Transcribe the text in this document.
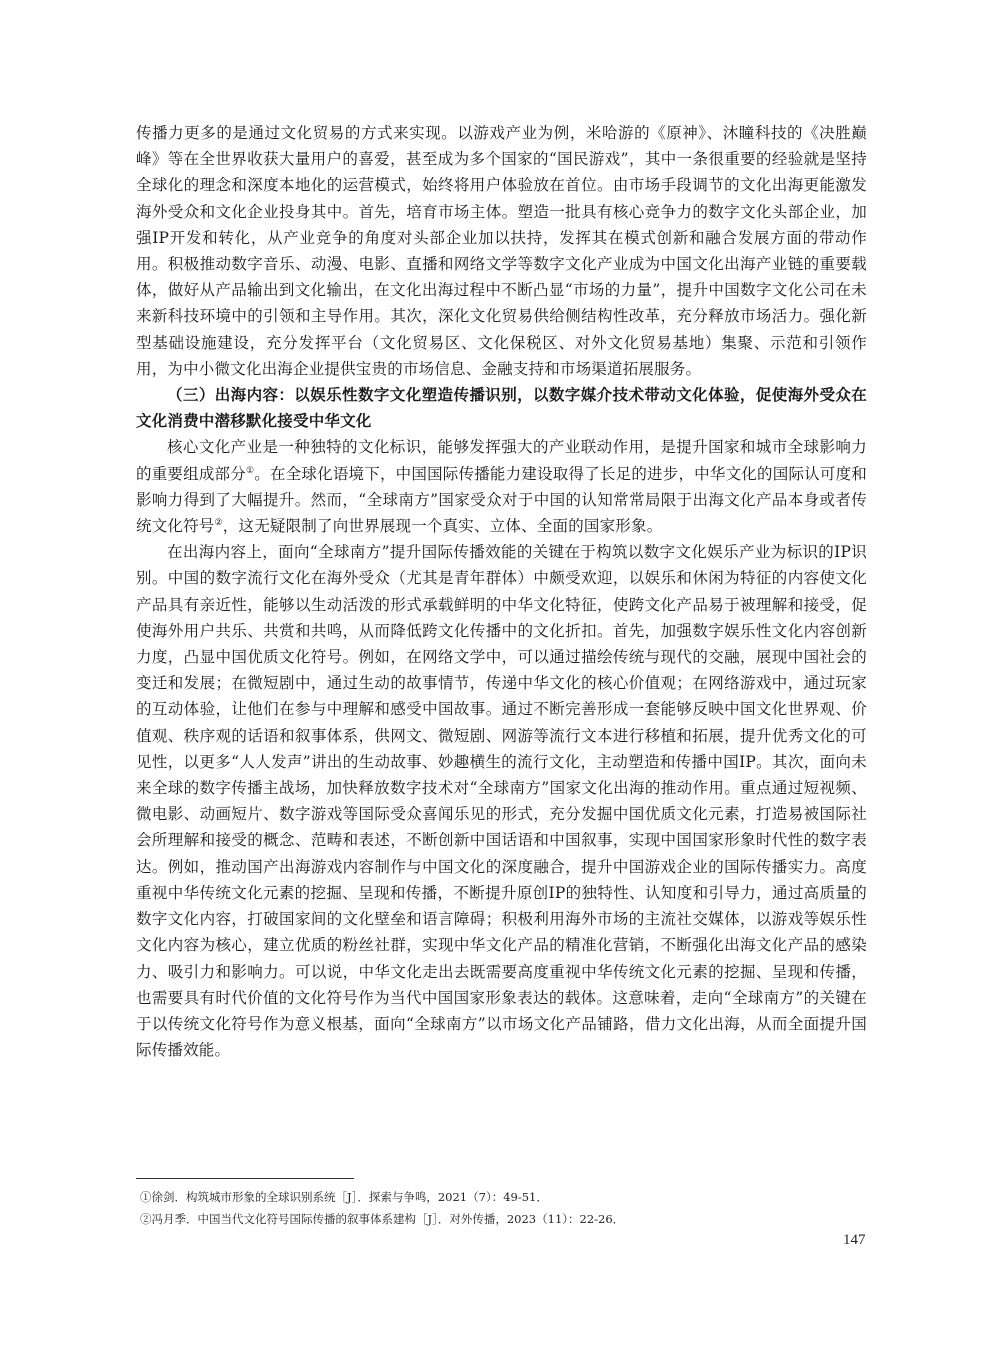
传播力更多的是通过文化贸易的方式来实现。以游戏产业为例，米哈游的《原神》、沐瞳科技的《决胜巅峰》等在全世界收获大量用户的喜爱，甚至成为多个国家的“国民游戏”，其中一条很重要的经验就是坚持全球化的理念和深度本地化的运营模式，始终将用户体验放在首位。由市场手段调节的文化出海更能激发海外受众和文化企业投身其中。首先，培育市场主体。塑造一批具有核心竞争力的数字文化头部企业，加强IP开发和转化，从产业竞争的角度对头部企业加以扶持，发挥其在模式创新和融合发展方面的带动作用。积极推动数字音乐、动漫、电影、直播和网络文学等数字文化产业成为中国文化出海产业链的重要载体，做好从产品输出到文化输出，在文化出海过程中不断凸显“市场的力量”，提升中国数字文化公司在未来新科技环境中的引领和主导作用。其次，深化文化贸易供给侧结构性改革，充分释放市场活力。强化新型基础设施建设，充分发挥平台（文化贸易区、文化保税区、对外文化贸易基地）集聚、示范和引领作用，为中小微文化出海企业提供宝贵的市场信息、金融支持和市场渠道拓展服务。

（三）出海内容：以娱乐性数字文化塑造传播识别，以数字媒介技术带动文化体验，促使海外受众在文化消费中潜移默化接受中华文化

核心文化产业是一种独特的文化标识，能够发挥强大的产业联动作用，是提升国家和城市全球影响力的重要组成部分①。在全球化语境下，中国国际传播能力建设取得了长足的进步，中华文化的国际认可度和影响力得到了大幅提升。然而，“全球南方”国家受众对于中国的认知常常局限于出海文化产品本身或者传统文化符号②，这无疑限制了向世界展现一个真实、立体、全面的国家形象。

在出海内容上，面向“全球南方”提升国际传播效能的关键在于构筑以数字文化娱乐产业为标识的IP识别。中国的数字流行文化在海外受众（尤其是青年群体）中颇受欢迎，以娱乐和休闲为特征的内容使文化产品具有亲近性，能够以生动活泼的形式承载鲜明的中华文化特征，使跨文化产品易于被理解和接受，促使海外用户共乐、共赏和共鸣，从而降低跨文化传播中的文化折扣。首先，加强数字娱乐性文化内容创新力度，凸显中国优质文化符号。例如，在网络文学中，可以通过描绘传统与现代的交融，展现中国社会的变迁和发展；在微短剧中，通过生动的故事情节，传递中华文化的核心价值观；在网络游戏中，通过玩家的互动体验，让他们在参与中理解和感受中国故事。通过不断完善形成一套能够反映中国文化世界观、价值观、秩序观的话语和叙事体系，供网文、微短剧、网游等流行文本进行移植和拓展，提升优秀文化的可见性，以更多“人人发声”讲出的生动故事、妙趣横生的流行文化，主动塑造和传播中国IP。其次，面向未来全球的数字传播主战场，加快释放数字技术对“全球南方”国家文化出海的推动作用。重点通过短视频、微电影、动画短片、数字游戏等国际受众喜闻乐见的形式，充分发掘中国优质文化元素，打造易被国际社会所理解和接受的概念、范畴和表述，不断创新中国话语和中国叙事，实现中国国家形象时代性的数字表达。例如，推动国产出海游戏内容制作与中国文化的深度融合，提升中国游戏企业的国际传播实力。高度重视中华传统文化元素的挖掘、呈现和传播，不断提升原创IP的独特性、认知度和引导力，通过高质量的数字文化内容，打破国家间的文化壁垒和语言障碍；积极利用海外市场的主流社交媒体，以游戏等娱乐性文化内容为核心，建立优质的粉丝社群，实现中华文化产品的精准化营销，不断强化出海文化产品的感染力、吸引力和影响力。可以说，中华文化走出去既需要高度重视中华传统文化元素的挖掘、呈现和传播，也需要具有时代价值的文化符号作为当代中国国家形象表达的载体。这意味着，走向“全球南方”的关键在于以传统文化符号作为意义根基，面向“全球南方”以市场文化产品铺路，借力文化出海，从而全面提升国际传播效能。

①徐剑．构筑城市形象的全球识别系统［J］．探索与争鸣，2021（7）：49-51．
②冯月季．中国当代文化符号国际传播的叙事体系建构［J］．对外传播，2023（11）：22-26．
147
